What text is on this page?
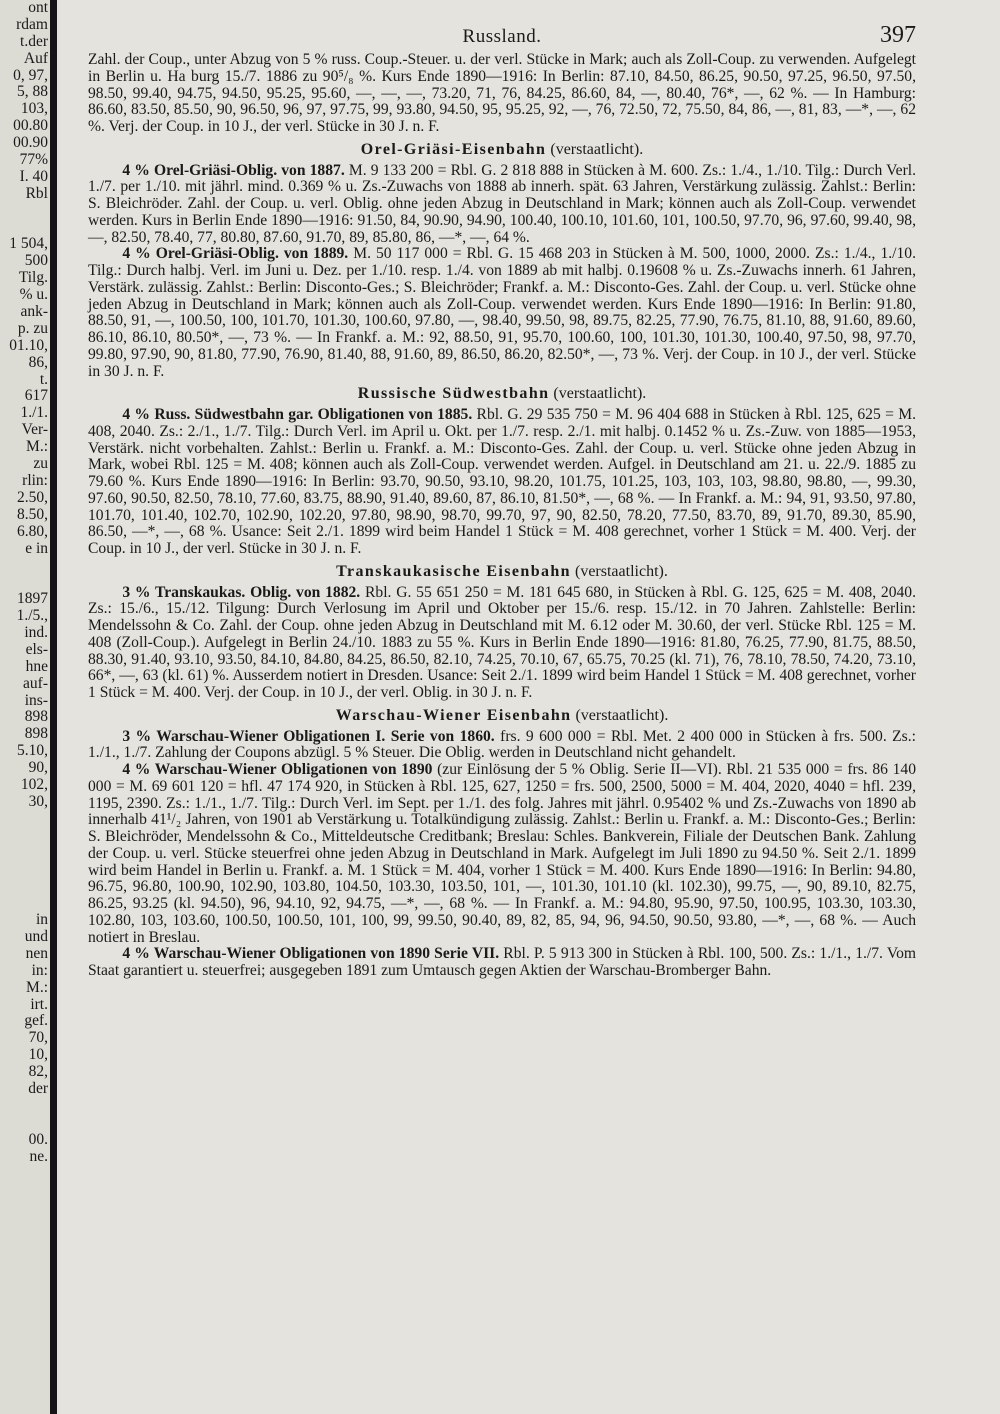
ont
rdam
t.der
Auf
0, 97,
5, 88
103,
00.80
00.90
77%
I. 40
Rbl
1 504,
500
Tilg.
% u.
ank-
p. zu
01.10,
86,
t.
617
1./1.
Ver-
M.:
zu
rlin:
2.50,
8.50,
6.80,
e in
1897
1./5.,
ind.
els-
hne
auf-
ins-
898
898
5.10,
90,
102,
30,
in
und
nen
in:
M.:
irt.
gef.
70,
10,
82,
der
00.
ne.
Russland.	397

Zahl. der Coup., unter Abzug von 5 % russ. Coup.-Steuer. u. der verl. Stücke in Mark; auch als Zoll-Coup. zu verwenden. Aufgelegt in Berlin u. Ha burg 15./7. 1886 zu 90⁵/₈ %. Kurs Ende 1890—1916: In Berlin: 87.10, 84.50, 86.25, 90.50, 97.25, 96.50, 97.50, 98.50, 99.40, 94.75, 94.50, 95.25, 95.60, —, —, —, 73.20, 71, 76, 84.25, 86.60, 84, —, 80.40, 76*, —, 62 %. — In Hamburg: 86.60, 83.50, 85.50, 90, 96.50, 96, 97, 97.75, 99, 93.80, 94.50, 95, 95.25, 92, —, 76, 72.50, 72, 75.50, 84, 86, —, 81, 83, —*, —, 62 %. Verj. der Coup. in 10 J., der verl. Stücke in 30 J. n. F.

Orel-Griäsi-Eisenbahn (verstaatlicht).

4 % Orel-Griäsi-Oblig. von 1887. M. 9 133 200 = Rbl. G. 2 818 888 in Stücken à M. 600. Zs.: 1./4., 1./10. Tilg.: Durch Verl. 1./7. per 1./10. mit jährl. mind. 0.369 % u. Zs.-Zuwachs von 1888 ab innerh. spät. 63 Jahren, Verstärkung zulässig. Zahlst.: Berlin: S. Bleichröder. Zahl. der Coup. u. verl. Oblig. ohne jeden Abzug in Deutschland in Mark; können auch als Zoll-Coup. verwendet werden. Kurs in Berlin Ende 1890—1916: 91.50, 84, 90.90, 94.90, 100.40, 100.10, 101.60, 101, 100.50, 97.70, 96, 97.60, 99.40, 98, —, 82.50, 78.40, 77, 80.80, 87.60, 91.70, 89, 85.80, 86, —*, —, 64 %.

4 % Orel-Griäsi-Oblig. von 1889. M. 50 117 000 = Rbl. G. 15 468 203 in Stücken à M. 500, 1000, 2000. Zs.: 1./4., 1./10. Tilg.: Durch halbj. Verl. im Juni u. Dez. per 1./10. resp. 1./4. von 1889 ab mit halbj. 0.19608 % u. Zs.-Zuwachs innerh. 61 Jahren, Verstärk. zulässig. Zahlst.: Berlin: Disconto-Ges.; S. Bleichröder; Frankf. a. M.: Disconto-Ges. Zahl. der Coup. u. verl. Stücke ohne jeden Abzug in Deutschland in Mark; können auch als Zoll-Coup. verwendet werden. Kurs Ende 1890—1916: In Berlin: 91.80, 88.50, 91, —, 100.50, 100, 101.70, 101.30, 100.60, 97.80, —, 98.40, 99.50, 98, 89.75, 82.25, 77.90, 76.75, 81.10, 88, 91.60, 89.60, 86.10, 86.10, 80.50*, —, 73 %. — In Frankf. a. M.: 92, 88.50, 91, 95.70, 100.60, 100, 101.30, 101.30, 100.40, 97.50, 98, 97.70, 99.80, 97.90, 90, 81.80, 77.90, 76.90, 81.40, 88, 91.60, 89, 86.50, 86.20, 82.50*, —, 73 %. Verj. der Coup. in 10 J., der verl. Stücke in 30 J. n. F.

Russische Südwestbahn (verstaatlicht).

4 % Russ. Südwestbahn gar. Obligationen von 1885. Rbl. G. 29 535 750 = M. 96 404 688 in Stücken à Rbl. 125, 625 = M. 408, 2040. Zs.: 2./1., 1./7. Tilg.: Durch Verl. im April u. Okt. per 1./7. resp. 2./1. mit halbj. 0.1452 % u. Zs.-Zuw. von 1885—1953, Verstärk. nicht vorbehalten. Zahlst.: Berlin u. Frankf. a. M.: Disconto-Ges. Zahl. der Coup. u. verl. Stücke ohne jeden Abzug in Mark, wobei Rbl. 125 = M. 408; können auch als Zoll-Coup. verwendet werden. Aufgel. in Deutschland am 21. u. 22./9. 1885 zu 79.60 %. Kurs Ende 1890—1916: In Berlin: 93.70, 90.50, 93.10, 98.20, 101.75, 101.25, 103, 103, 103, 98.80, 98.80, —, 99.30, 97.60, 90.50, 82.50, 78.10, 77.60, 83.75, 88.90, 91.40, 89.60, 87, 86.10, 81.50*, —, 68 %. — In Frankf. a. M.: 94, 91, 93.50, 97.80, 101.70, 101.40, 102.70, 102.90, 102.20, 97.80, 98.90, 98.70, 99.70, 97, 90, 82.50, 78.20, 77.50, 83.70, 89, 91.70, 89.30, 85.90, 86.50, —*, —, 68 %. Usance: Seit 2./1. 1899 wird beim Handel 1 Stück = M. 408 gerechnet, vorher 1 Stück = M. 400. Verj. der Coup. in 10 J., der verl. Stücke in 30 J. n. F.

Transkaukasische Eisenbahn (verstaatlicht).

3 % Transkaukas. Oblig. von 1882. Rbl. G. 55 651 250 = M. 181 645 680, in Stücken à Rbl. G. 125, 625 = M. 408, 2040. Zs.: 15./6., 15./12. Tilgung: Durch Verlosung im April und Oktober per 15./6. resp. 15./12. in 70 Jahren. Zahlstelle: Berlin: Mendelssohn & Co. Zahl. der Coup. ohne jeden Abzug in Deutschland mit M. 6.12 oder M. 30.60, der verl. Stücke Rbl. 125 = M. 408 (Zoll-Coup.). Aufgelegt in Berlin 24./10. 1883 zu 55 %. Kurs in Berlin Ende 1890—1916: 81.80, 76.25, 77.90, 81.75, 88.50, 88.30, 91.40, 93.10, 93.50, 84.10, 84.80, 84.25, 86.50, 82.10, 74.25, 70.10, 67, 65.75, 70.25 (kl. 71), 76, 78.10, 78.50, 74.20, 73.10, 66*, —, 63 (kl. 61) %. Ausserdem notiert in Dresden. Usance: Seit 2./1. 1899 wird beim Handel 1 Stück = M. 408 gerechnet, vorher 1 Stück = M. 400. Verj. der Coup. in 10 J., der verl. Oblig. in 30 J. n. F.

Warschau-Wiener Eisenbahn (verstaatlicht).

3 % Warschau-Wiener Obligationen I. Serie von 1860. frs. 9 600 000 = Rbl. Met. 2 400 000 in Stücken à frs. 500. Zs.: 1./1., 1./7. Zahlung der Coupons abzügl. 5 % Steuer. Die Oblig. werden in Deutschland nicht gehandelt.

4 % Warschau-Wiener Obligationen von 1890 (zur Einlösung der 5 % Oblig. Serie II—VI). Rbl. 21 535 000 = frs. 86 140 000 = M. 69 601 120 = hfl. 47 174 920, in Stücken à Rbl. 125, 627, 1250 = frs. 500, 2500, 5000 = M. 404, 2020, 4040 = hfl. 239, 1195, 2390. Zs.: 1./1., 1./7. Tilg.: Durch Verl. im Sept. per 1./1. des folg. Jahres mit jährl. 0.95402 % und Zs.-Zuwachs von 1890 ab innerhalb 41¹/₂ Jahren, von 1901 ab Verstärkung u. Totalkündigung zulässig. Zahlst.: Berlin u. Frankf. a. M.: Disconto-Ges.; Berlin: S. Bleichröder, Mendelssohn & Co., Mitteldeutsche Creditbank; Breslau: Schles. Bankverein, Filiale der Deutschen Bank. Zahlung der Coup. u. verl. Stücke steuerfrei ohne jeden Abzug in Deutschland in Mark. Aufgelegt im Juli 1890 zu 94.50 %. Seit 2./1. 1899 wird beim Handel in Berlin u. Frankf. a. M. 1 Stück = M. 404, vorher 1 Stück = M. 400. Kurs Ende 1890—1916: In Berlin: 94.80, 96.75, 96.80, 100.90, 102.90, 103.80, 104.50, 103.30, 103.50, 101, —, 101.30, 101.10 (kl. 102.30), 99.75, —, 90, 89.10, 82.75, 86.25, 93.25 (kl. 94.50), 96, 94.10, 92, 94.75, —*, —, 68 %. — In Frankf. a. M.: 94.80, 95.90, 97.50, 100.95, 103.30, 103.30, 102.80, 103, 103.60, 100.50, 100.50, 101, 100, 99, 99.50, 90.40, 89, 82, 85, 94, 96, 94.50, 90.50, 93.80, —*, —, 68 %. — Auch notiert in Breslau.

4 % Warschau-Wiener Obligationen von 1890 Serie VII. Rbl. P. 5 913 300 in Stücken à Rbl. 100, 500. Zs.: 1./1., 1./7. Vom Staat garantiert u. steuerfrei; ausgegeben 1891 zum Umtausch gegen Aktien der Warschau-Bromberger Bahn.
